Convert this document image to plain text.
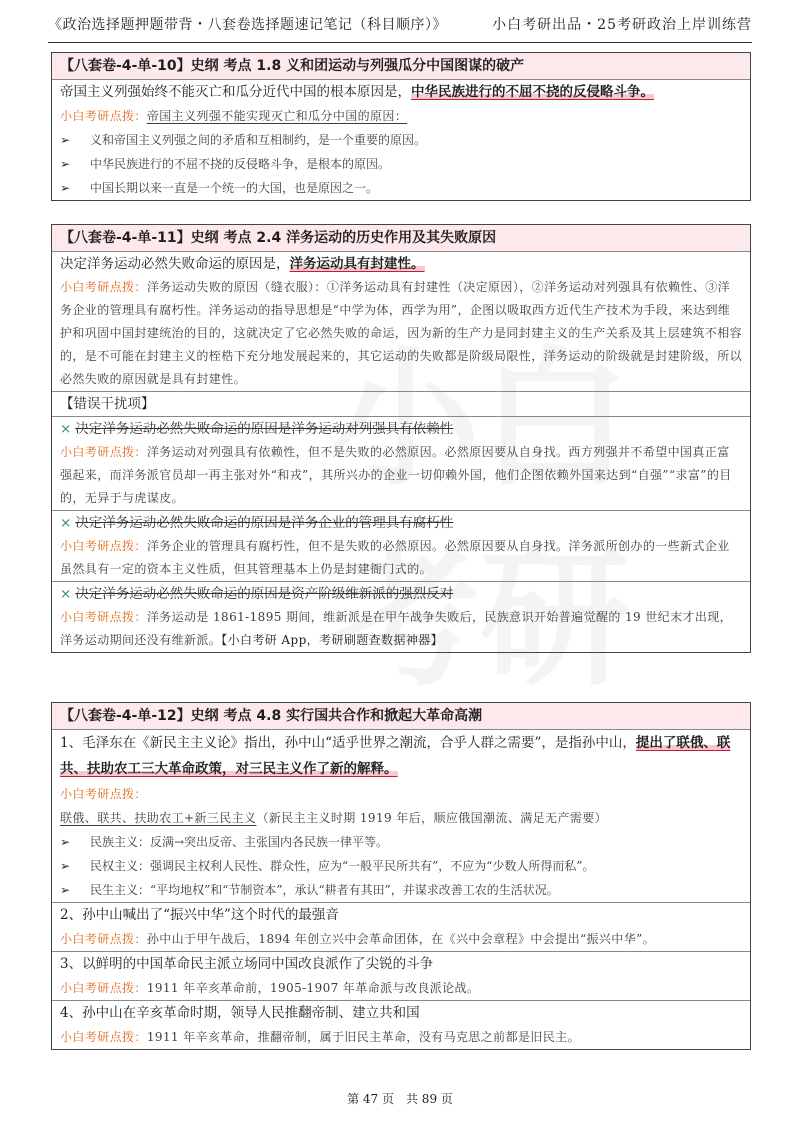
《政治选择题押题带背・八套卷选择题速记笔记（科目顺序）》	小白考研出品・25考研政治上岸训练营
【八套卷-4-单-10】史纲 考点 1.8 义和团运动与列强瓜分中国图谋的破产
帝国主义列强始终不能灭亡和瓜分近代中国的根本原因是，中华民族进行的不屈不挠的反侵略斗争。
小白考研点拨：帝国主义列强不能实现灭亡和瓜分中国的原因：
➢ 义和帝国主义列强之间的矛盾和互相制约，是一个重要的原因。
➢ 中华民族进行的不屈不挠的反侵略斗争，是根本的原因。
➢ 中国长期以来一直是一个统一的大国，也是原因之一。
【八套卷-4-单-11】史纲 考点 2.4 洋务运动的历史作用及其失败原因
决定洋务运动必然失败命运的原因是，洋务运动具有封建性。
小白考研点拨：洋务运动失败的原因（缝衣服）：①洋务运动具有封建性（决定原因），②洋务运动对列强具有依赖性、③洋务企业的管理具有腐朽性。洋务运动的指导思想是“中学为体，西学为用”，企图以吸取西方近代生产技术为手段，来达到维护和巩固中国封建统治的目的，这就决定了它必然失败的命运，因为新的生产力是同封建主义的生产关系及其上层建筑不相容的，是不可能在封建主义的桎梏下充分地发展起来的，其它运动的失败都是阶级局限性，洋务运动的阶级就是封建阶级，所以必然失败的原因就是具有封建性。
【错误干扰项】
× 决定洋务运动必然失败命运的原因是洋务运动对列强具有依赖性
小白考研点拨：洋务运动对列强具有依赖性，但不是失败的必然原因。必然原因要从自身找。西方列强并不希望中国真正富强起来，而洋务派官员却一再主张对外“和戎”，其所兴办的企业一切仰赖外国，他们企图依赖外国来达到“自强”“求富”的目的，无异于与虎谋皮。
× 决定洋务运动必然失败命运的原因是洋务企业的管理具有腐朽性
小白考研点拨：洋务企业的管理具有腐朽性，但不是失败的必然原因。必然原因要从自身找。洋务派所创办的一些新式企业虽然具有一定的资本主义性质，但其管理基本上仍是封建衙门式的。
× 决定洋务运动必然失败命运的原因是资产阶级维新派的强烈反对
小白考研点拨：洋务运动是 1861-1895 期间，维新派是在甲午战争失败后，民族意识开始普遍觉醒的 19 世纪末才出现，洋务运动期间还没有维新派。【小白考研 App，考研刷题查数据神器】
【八套卷-4-单-12】史纲 考点 4.8 实行国共合作和掀起大革命高潮
1、毛泽东在《新民主主义论》指出，孙中山“适乎世界之潮流，合乎人群之需要”，是指孙中山，提出了联俄、联共、扶助农工三大革命政策，对三民主义作了新的解释。
小白考研点拨：
联俄、联共、扶助农工+新三民主义（新民主主义时期 1919 年后，顺应俄国潮流、满足无产需要）
➢ 民族主义：反满→突出反帝、主张国内各民族一律平等。
➢ 民权主义：强调民主权利人民性、群众性，应为“一般平民所共有”，不应为“少数人所得而私”。
➢ 民生主义：“平均地权”和“节制资本”，承认“耕者有其田”，并谋求改善工农的生活状况。
2、孙中山喊出了“振兴中华”这个时代的最强音
小白考研点拨：孙中山于甲午战后，1894 年创立兴中会革命团体，在《兴中会章程》中会提出“振兴中华”。
3、以鲜明的中国革命民主派立场同中国改良派作了尖锐的斗争
小白考研点拨：1911 年辛亥革命前，1905-1907 年革命派与改良派论战。
4、孙中山在辛亥革命时期，领导人民推翻帝制、建立共和国
小白考研点拨：1911 年辛亥革命，推翻帝制，属于旧民主革命，没有马克思之前都是旧民主。
第 47 页　共 89 页
